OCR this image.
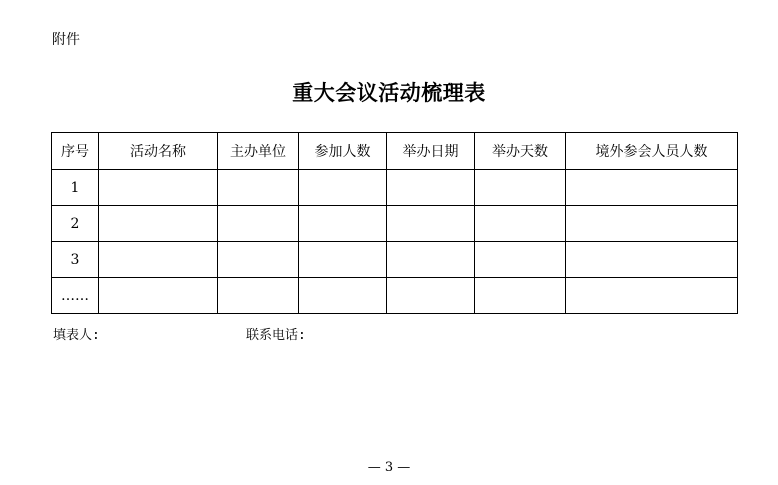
附件
重大会议活动梳理表
序号	活动名称	主办单位	参加人数	举办日期	举办天数	境外参会人员人数
1						
2						
3						
……						
填表人:	联系电话:
— 3 —
